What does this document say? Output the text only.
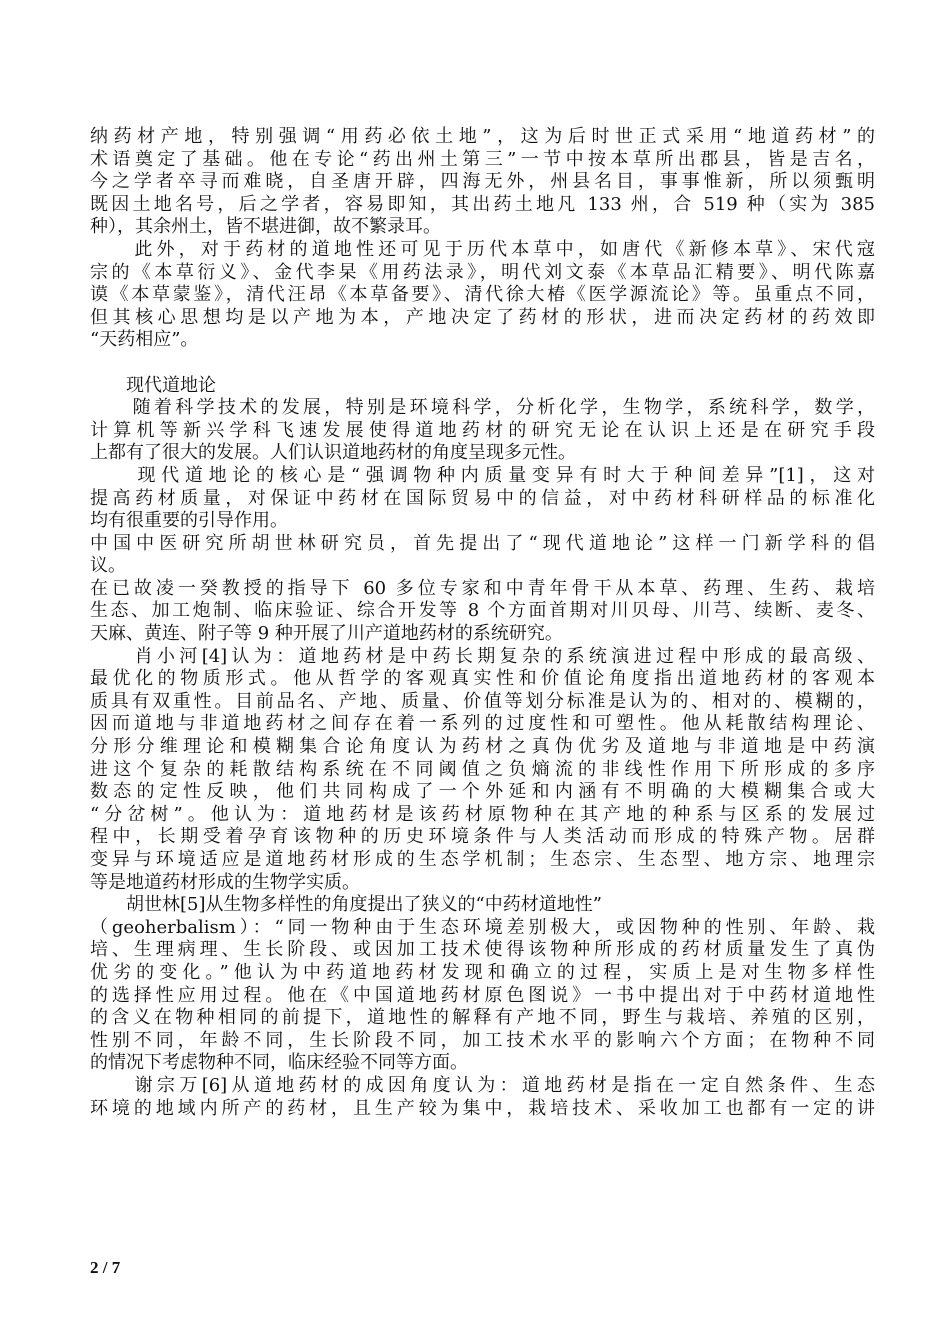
纳药材产地，特别强调“用药必依土地”，这为后时世正式采用“地道药材”的
术语奠定了基础。他在专论“药出州土第三”一节中按本草所出郡县，皆是吉名，
今之学者卒寻而难晓，自圣唐开辟，四海无外，州县名目，事事惟新，所以须甄明
既因土地名号，后之学者，容易即知，其出药土地凡 133 州，合 519 种（实为 385
种），其余州土，皆不堪进御，故不繁录耳。
　　此外，对于药材的道地性还可见于历代本草中，如唐代《新修本草》、宋代寇
宗的《本草衍义》、金代李杲《用药法录》，明代刘文泰《本草品汇精要》、明代陈嘉
谟《本草蒙鉴》，清代汪昂《本草备要》、清代徐大椿《医学源流论》等。虽重点不同，
但其核心思想均是以产地为本，产地决定了药材的形状，进而决定药材的药效即
“天药相应”。
　　现代道地论
　　随着科学技术的发展，特别是环境科学，分析化学，生物学，系统科学，数学，
计算机等新兴学科飞速发展使得道地药材的研究无论在认识上还是在研究手段
上都有了很大的发展。人们认识道地药材的角度呈现多元性。
　　现代道地论的核心是“强调物种内质量变异有时大于种间差异”[1]，这对
提高药材质量，对保证中药材在国际贸易中的信益，对中药材科研样品的标准化
均有很重要的引导作用。
中国中医研究所胡世林研究员，首先提出了“现代道地论”这样一门新学科的倡
议。
在已故凌一癸教授的指导下 60 多位专家和中青年骨干从本草、药理、生药、栽培
生态、加工炮制、临床验证、综合开发等 8 个方面首期对川贝母、川芎、续断、麦冬、
天麻、黄连、附子等 9 种开展了川产道地药材的系统研究。
　　肖小河[4]认为：道地药材是中药长期复杂的系统演进过程中形成的最高级、
最优化的物质形式。他从哲学的客观真实性和价值论角度指出道地药材的客观本
质具有双重性。目前品名、产地、质量、价值等划分标准是认为的、相对的、模糊的，
因而道地与非道地药材之间存在着一系列的过度性和可塑性。他从耗散结构理论、
分形分维理论和模糊集合论角度认为药材之真伪优劣及道地与非道地是中药演
进这个复杂的耗散结构系统在不同阈值之负熵流的非线性作用下所形成的多序
数态的定性反映，他们共同构成了一个外延和内涵有不明确的大模糊集合或大
“分岔树”。他认为：道地药材是该药材原物种在其产地的种系与区系的发展过
程中，长期受着孕育该物种的历史环境条件与人类活动而形成的特殊产物。居群
变异与环境适应是道地药材形成的生态学机制；生态宗、生态型、地方宗、地理宗
等是地道药材形成的生物学实质。
　　胡世林[5]从生物多样性的角度提出了狭义的“中药材道地性”
（geoherbalism）：“同一物种由于生态环境差别极大，或因物种的性别、年龄、栽
培、生理病理、生长阶段、或因加工技术使得该物种所形成的药材质量发生了真伪
优劣的变化。”他认为中药道地药材发现和确立的过程，实质上是对生物多样性
的选择性应用过程。他在《中国道地药材原色图说》一书中提出对于中药材道地性
的含义在物种相同的前提下，道地性的解释有产地不同，野生与栽培、养殖的区别，
性别不同，年龄不同，生长阶段不同，加工技术水平的影响六个方面；在物种不同
的情况下考虑物种不同，临床经验不同等方面。
　　谢宗万[6]从道地药材的成因角度认为：道地药材是指在一定自然条件、生态
环境的地域内所产的药材，且生产较为集中，栽培技术、采收加工也都有一定的讲
2 / 7
